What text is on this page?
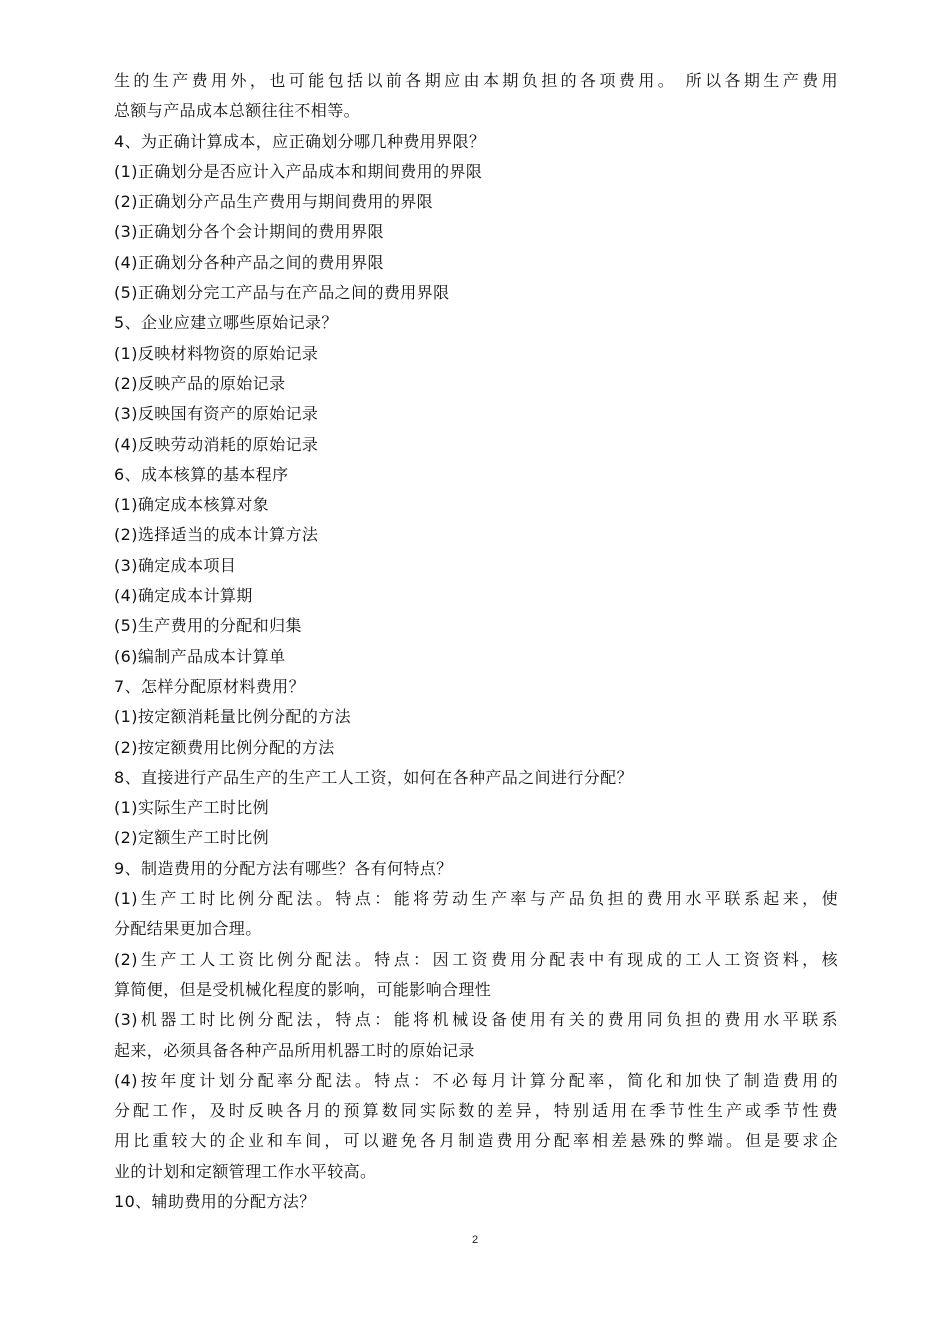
生的生产费用外，也可能包括以前各期应由本期负担的各项费用。 所以各期生产费用
总额与产品成本总额往往不相等。
4、为正确计算成本，应正确划分哪几种费用界限？
(1)正确划分是否应计入产品成本和期间费用的界限
(2)正确划分产品生产费用与期间费用的界限
(3)正确划分各个会计期间的费用界限
(4)正确划分各种产品之间的费用界限
(5)正确划分完工产品与在产品之间的费用界限
5、企业应建立哪些原始记录？
(1)反映材料物资的原始记录
(2)反映产品的原始记录
(3)反映国有资产的原始记录
(4)反映劳动消耗的原始记录
6、成本核算的基本程序
(1)确定成本核算对象
(2)选择适当的成本计算方法
(3)确定成本项目
(4)确定成本计算期
(5)生产费用的分配和归集
(6)编制产品成本计算单
7、怎样分配原材料费用？
(1)按定额消耗量比例分配的方法
(2)按定额费用比例分配的方法
8、直接进行产品生产的生产工人工资，如何在各种产品之间进行分配？
(1)实际生产工时比例
(2)定额生产工时比例
9、制造费用的分配方法有哪些？各有何特点？
(1)生产工时比例分配法。特点：能将劳动生产率与产品负担的费用水平联系起来，使
分配结果更加合理。
(2)生产工人工资比例分配法。特点：因工资费用分配表中有现成的工人工资资料，核
算简便，但是受机械化程度的影响，可能影响合理性
(3)机器工时比例分配法，特点：能将机械设备使用有关的费用同负担的费用水平联系
起来，必须具备各种产品所用机器工时的原始记录
(4)按年度计划分配率分配法。特点：不必每月计算分配率，简化和加快了制造费用的
分配工作，及时反映各月的预算数同实际数的差异，特别适用在季节性生产或季节性费
用比重较大的企业和车间，可以避免各月制造费用分配率相差悬殊的弊端。但是要求企
业的计划和定额管理工作水平较高。
10、辅助费用的分配方法？
2
